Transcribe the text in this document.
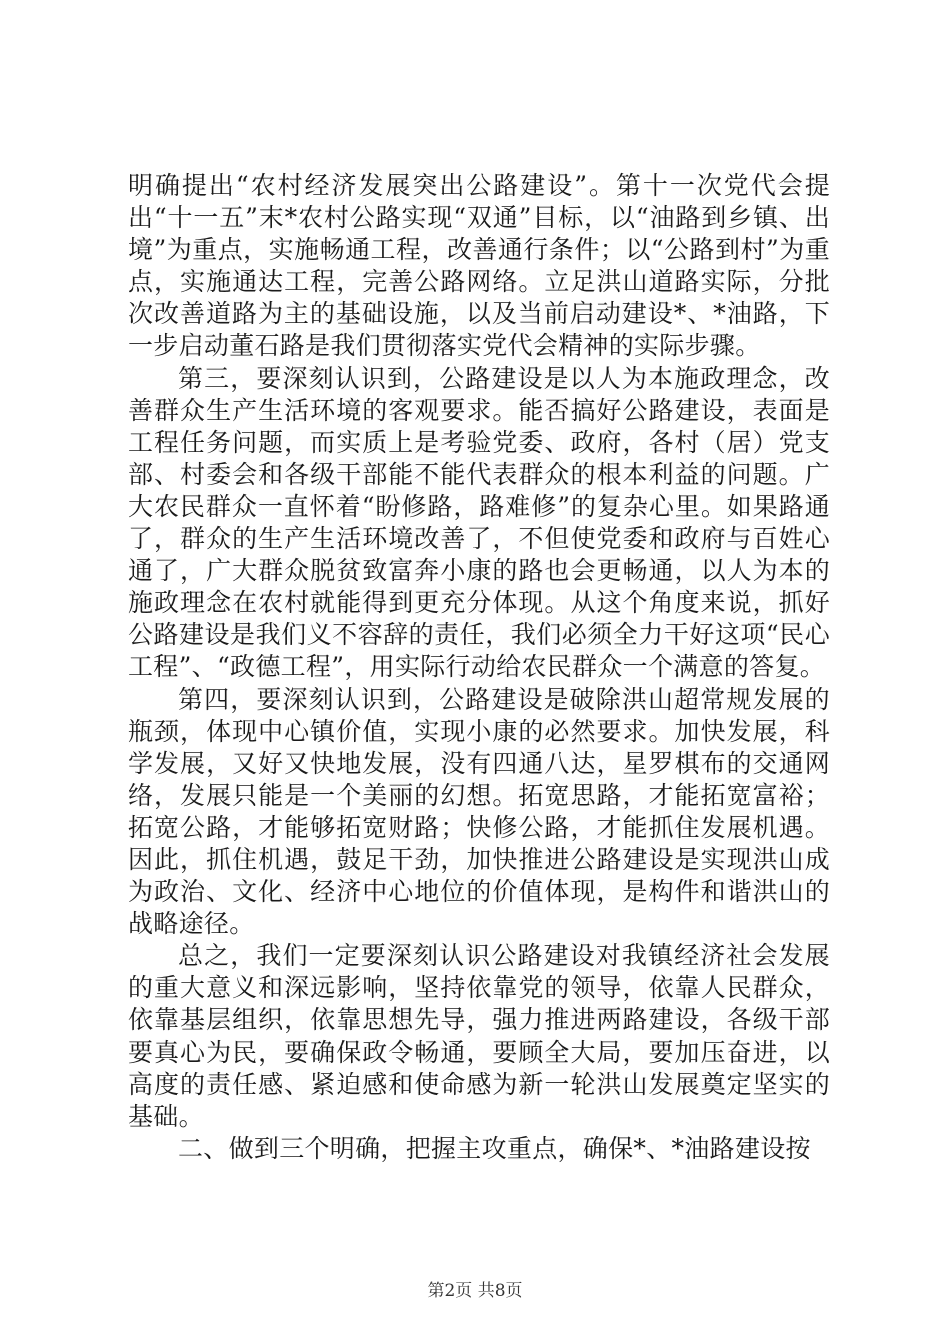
明确提出“农村经济发展突出公路建设”。第十一次党代会提出“十一五”末*农村公路实现“双通”目标，以“油路到乡镇、出境”为重点，实施畅通工程，改善通行条件；以“公路到村”为重点，实施通达工程，完善公路网络。立足洪山道路实际，分批次改善道路为主的基础设施，以及当前启动建设*、*油路，下一步启动董石路是我们贯彻落实党代会精神的实际步骤。

第三，要深刻认识到，公路建设是以人为本施政理念，改善群众生产生活环境的客观要求。能否搞好公路建设，表面是工程任务问题，而实质上是考验党委、政府，各村（居）党支部、村委会和各级干部能不能代表群众的根本利益的问题。广大农民群众一直怀着“盼修路，路难修”的复杂心里。如果路通了，群众的生产生活环境改善了，不但使党委和政府与百姓心通了，广大群众脱贫致富奔小康的路也会更畅通，以人为本的施政理念在农村就能得到更充分体现。从这个角度来说，抓好公路建设是我们义不容辞的责任，我们必须全力干好这项“民心工程”、“政德工程”，用实际行动给农民群众一个满意的答复。

第四，要深刻认识到，公路建设是破除洪山超常规发展的瓶颈，体现中心镇价值，实现小康的必然要求。加快发展，科学发展，又好又快地发展，没有四通八达，星罗棋布的交通网络，发展只能是一个美丽的幻想。拓宽思路，才能拓宽富裕；拓宽公路，才能够拓宽财路；快修公路，才能抓住发展机遇。因此，抓住机遇，鼓足干劲，加快推进公路建设是实现洪山成为政治、文化、经济中心地位的价值体现，是构件和谐洪山的战略途径。

总之，我们一定要深刻认识公路建设对我镇经济社会发展的重大意义和深远影响，坚持依靠党的领导，依靠人民群众，依靠基层组织，依靠思想先导，强力推进两路建设，各级干部要真心为民，要确保政令畅通，要顾全大局，要加压奋进，以高度的责任感、紧迫感和使命感为新一轮洪山发展奠定坚实的基础。

二、做到三个明确，把握主攻重点，确保*、*油路建设按

第2页 共8页
